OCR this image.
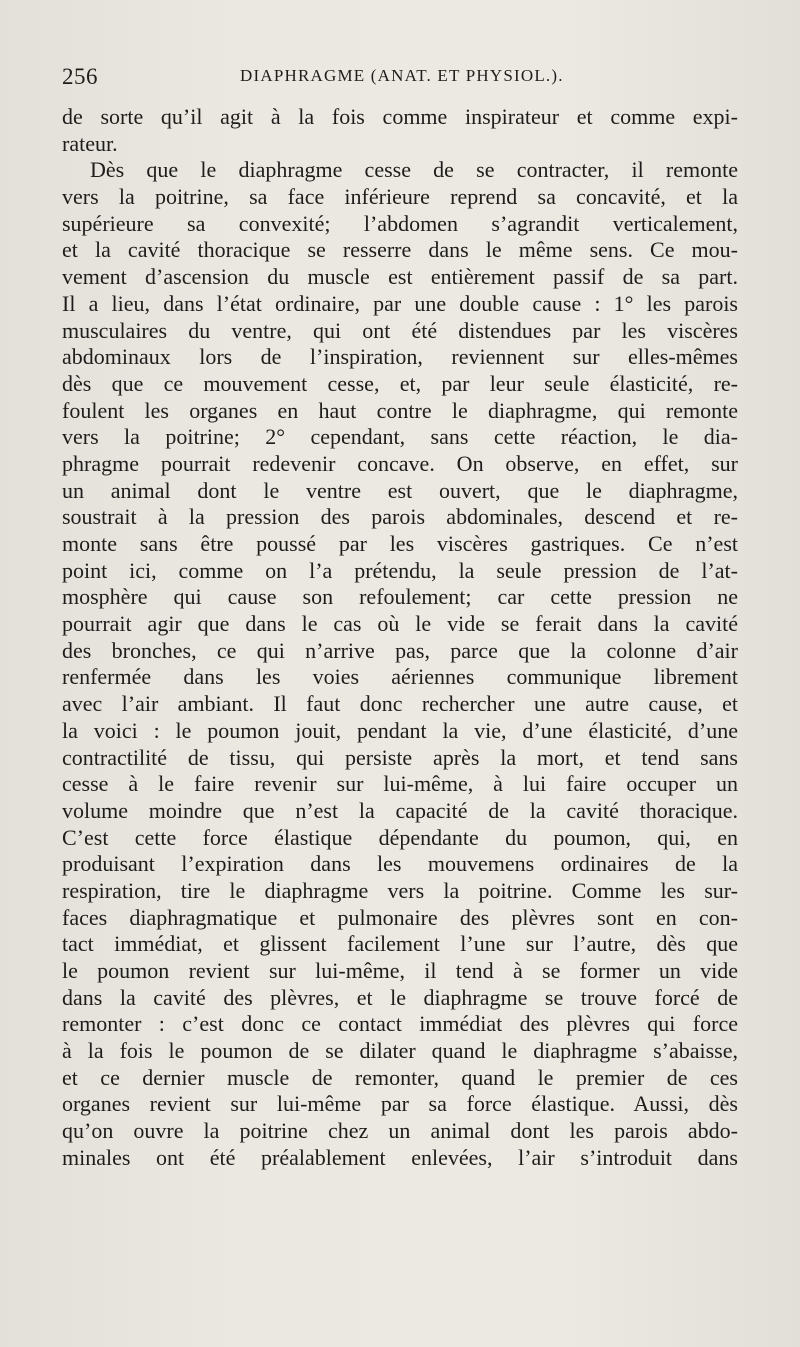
256	DIAPHRAGME (ANAT. ET PHYSIOL.).
de sorte qu’il agit à la fois comme inspirateur et comme expi-
rateur.
Dès que le diaphragme cesse de se contracter, il remonte
vers la poitrine, sa face inférieure reprend sa concavité, et la
supérieure sa convexité; l’abdomen s’agrandit verticalement,
et la cavité thoracique se resserre dans le même sens. Ce mou-
vement d’ascension du muscle est entièrement passif de sa part.
Il a lieu, dans l’état ordinaire, par une double cause : 1° les parois
musculaires du ventre, qui ont été distendues par les viscères
abdominaux lors de l’inspiration, reviennent sur elles-mêmes
dès que ce mouvement cesse, et, par leur seule élasticité, re-
foulent les organes en haut contre le diaphragme, qui remonte
vers la poitrine; 2° cependant, sans cette réaction, le dia-
phragme pourrait redevenir concave. On observe, en effet, sur
un animal dont le ventre est ouvert, que le diaphragme,
soustrait à la pression des parois abdominales, descend et re-
monte sans être poussé par les viscères gastriques. Ce n’est
point ici, comme on l’a prétendu, la seule pression de l’at-
mosphère qui cause son refoulement; car cette pression ne
pourrait agir que dans le cas où le vide se ferait dans la cavité
des bronches, ce qui n’arrive pas, parce que la colonne d’air
renfermée dans les voies aériennes communique librement
avec l’air ambiant. Il faut donc rechercher une autre cause, et
la voici : le poumon jouit, pendant la vie, d’une élasticité, d’une
contractilité de tissu, qui persiste après la mort, et tend sans
cesse à le faire revenir sur lui-même, à lui faire occuper un
volume moindre que n’est la capacité de la cavité thoracique.
C’est cette force élastique dépendante du poumon, qui, en
produisant l’expiration dans les mouvemens ordinaires de la
respiration, tire le diaphragme vers la poitrine. Comme les sur-
faces diaphragmatique et pulmonaire des plèvres sont en con-
tact immédiat, et glissent facilement l’une sur l’autre, dès que
le poumon revient sur lui-même, il tend à se former un vide
dans la cavité des plèvres, et le diaphragme se trouve forcé de
remonter : c’est donc ce contact immédiat des plèvres qui force
à la fois le poumon de se dilater quand le diaphragme s’abaisse,
et ce dernier muscle de remonter, quand le premier de ces
organes revient sur lui-même par sa force élastique. Aussi, dès
qu’on ouvre la poitrine chez un animal dont les parois abdo-
minales ont été préalablement enlevées, l’air s’introduit dans
